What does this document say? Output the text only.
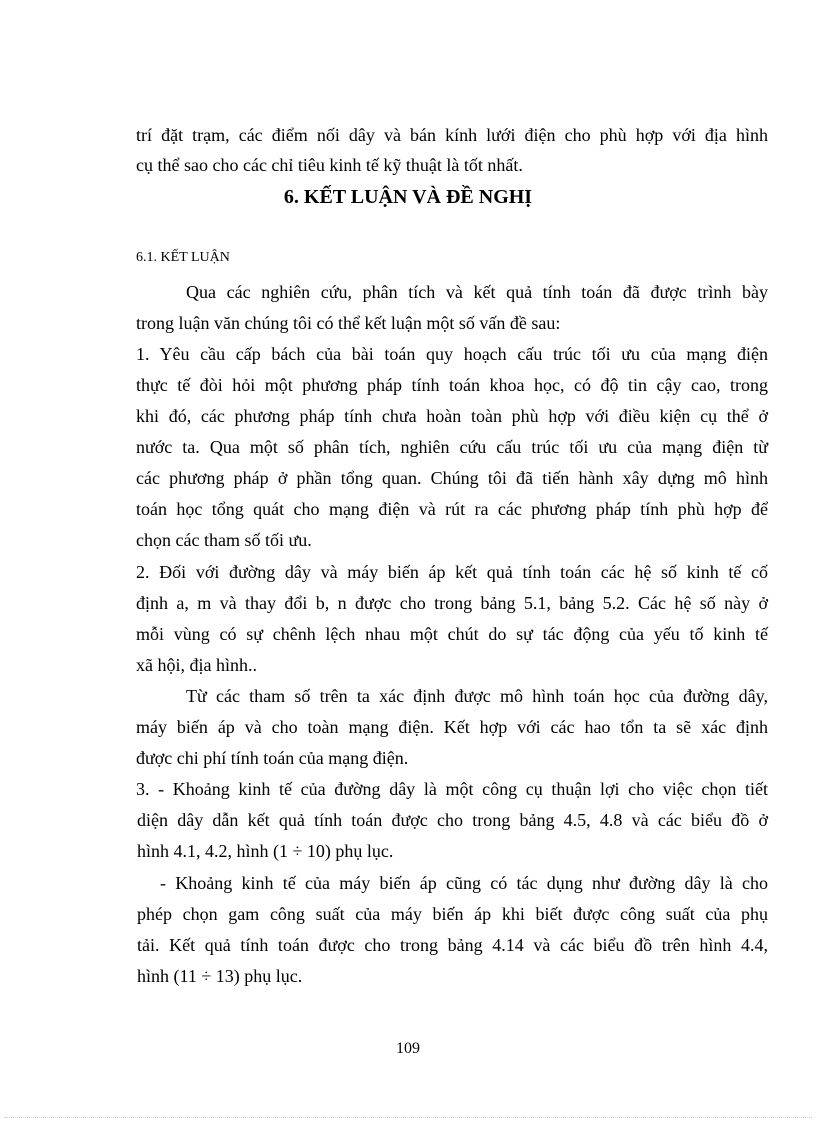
trí đặt trạm, các điểm nối dây và bán kính lưới điện cho phù hợp với địa hình
cụ thể sao cho các chỉ tiêu kinh tế kỹ thuật là tốt nhất.
6. KẾT LUẬN VÀ ĐỀ NGHỊ
6.1. KẾT LUẬN
Qua các nghiên cứu, phân tích và kết quả tính toán đã được trình bày
trong luận văn chúng tôi có thể kết luận một số vấn đề sau:
1. Yêu cầu cấp bách của bài toán quy hoạch cấu trúc tối ưu của mạng điện
thực tế đòi hỏi một phương pháp tính toán khoa học, có độ tin cậy cao, trong
khi đó, các phương pháp tính chưa hoàn toàn phù hợp với điều kiện cụ thể ở
nước ta. Qua một số phân tích, nghiên cứu cấu trúc tối ưu của mạng điện từ
các phương pháp ở phần tổng quan. Chúng tôi đã tiến hành xây dựng mô hình
toán học tổng quát cho mạng điện và rút ra các phương pháp tính phù hợp để
chọn các tham số tối ưu.
2. Đối với đường dây và máy biến áp kết quả tính toán các hệ số kinh tế cố
định a, m và thay đổi b, n được cho trong bảng 5.1, bảng 5.2. Các hệ số này ở
mỗi vùng có sự chênh lệch nhau một chút do sự tác động của yếu tố kinh tế
xã hội, địa hình..
Từ các tham số trên ta xác định được mô hình toán học của đường dây,
máy biến áp và cho toàn mạng điện. Kết hợp với các hao tổn ta sẽ xác định
được chi phí tính toán của mạng điện.
3. - Khoảng kinh tế của đường dây là một công cụ thuận lợi cho việc chọn tiết
diện dây dẫn kết quả tính toán được cho trong bảng 4.5, 4.8 và các biểu đồ ở
hình 4.1, 4.2, hình (1 ÷ 10) phụ lục.
- Khoảng kinh tế của máy biến áp cũng có tác dụng như đường dây là cho
phép chọn gam công suất của máy biến áp khi biết được công suất của phụ
tải. Kết quả tính toán được cho trong bảng 4.14 và các biểu đồ trên hình 4.4,
hình (11 ÷ 13) phụ lục.
109
